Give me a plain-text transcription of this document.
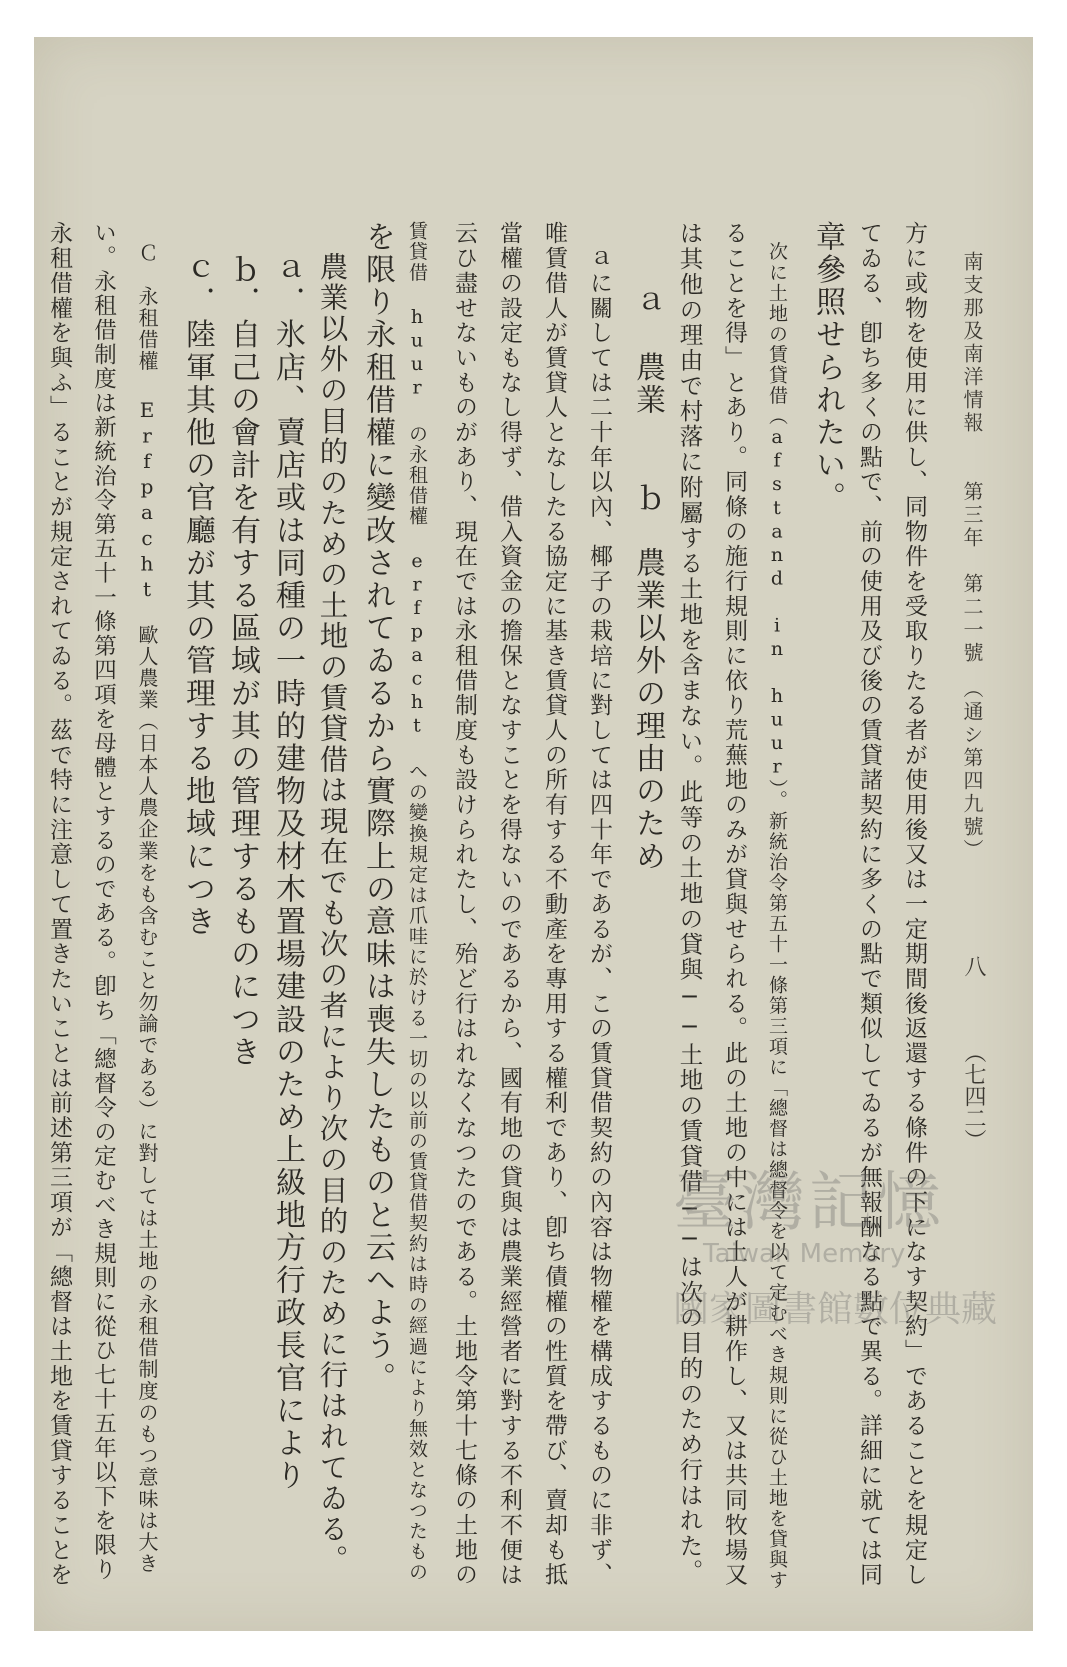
南支那及南洋情報　　第三年　第二一號　（通シ第四九號）
八
（七四二）
方に或物を使用に供し、同物件を受取りたる者が使用後又は一定期間後返還する條件の下になす契約」であることを規定し
てゐる、卽ち多くの點で、前の使用及び後の賃貸諸契約に多くの點で類似してゐるが無報酬なる點で異る。詳細に就ては同
章參照せられたい。
　次に土地の賃貸借（afstand in huur）。新統治令第五十一條第三項に「總督は總督令を以て定むべき規則に從ひ土地を貸與す
ることを得」とあり。同條の施行規則に依り荒蕪地のみが貸與せられる。此の土地の中には土人が耕作し、又は共同牧場又
は其他の理由で村落に附屬する土地を含まない。此等の土地の貸與──土地の賃貸借──は次の目的のため行はれた。
　　ａ　農業　　ｂ　農業以外の理由のため
　ａに關しては二十年以內、椰子の栽培に對しては四十年であるが、この賃貸借契約の內容は物權を構成するものに非ず、
唯賃借人が賃貸人となしたる協定に基き賃貸人の所有する不動產を專用する權利であり、卽ち債權の性質を帶び、賣却も抵
當權の設定もなし得ず、借入資金の擔保となすことを得ないのであるから、國有地の貸與は農業經營者に對する不利不便は
云ひ盡せないものがあり、現在では永租借制度も設けられたし、殆ど行はれなくなつたのである。土地令第十七條の土地の
賃貸借 huur の永租借權 erfpacht への變換規定は爪哇に於ける一切の以前の賃貸借契約は時の經過により無效となつたもの
を限り永租借權に變改されてゐるから實際上の意味は喪失したものと云へよう。
　農業以外の目的のための土地の賃貸借は現在でも次の者により次の目的のために行はれてゐる。
　ａ．氷店、賣店或は同種の一時的建物及材木置場建設のため上級地方行政長官により
　ｂ．自己の會計を有する區域が其の管理するものにつき
　ｃ．陸軍其他の官廳が其の管理する地域につき
　Ｃ　永租借權 Erfpacht　歐人農業（日本人農企業をも含むこと勿論である）に對しては土地の永租借制度のもつ意味は大き
い。永租借制度は新統治令第五十一條第四項を母體とするのである。卽ち「總督令の定むべき規則に從ひ七十五年以下を限り
永租借權を與ふ」ることが規定されてゐる。茲で特に注意して置きたいことは前述第三項が「總督は土地を賃貸することを	臺灣記憶
Taiwan Memory
國家圖書館數位典藏
